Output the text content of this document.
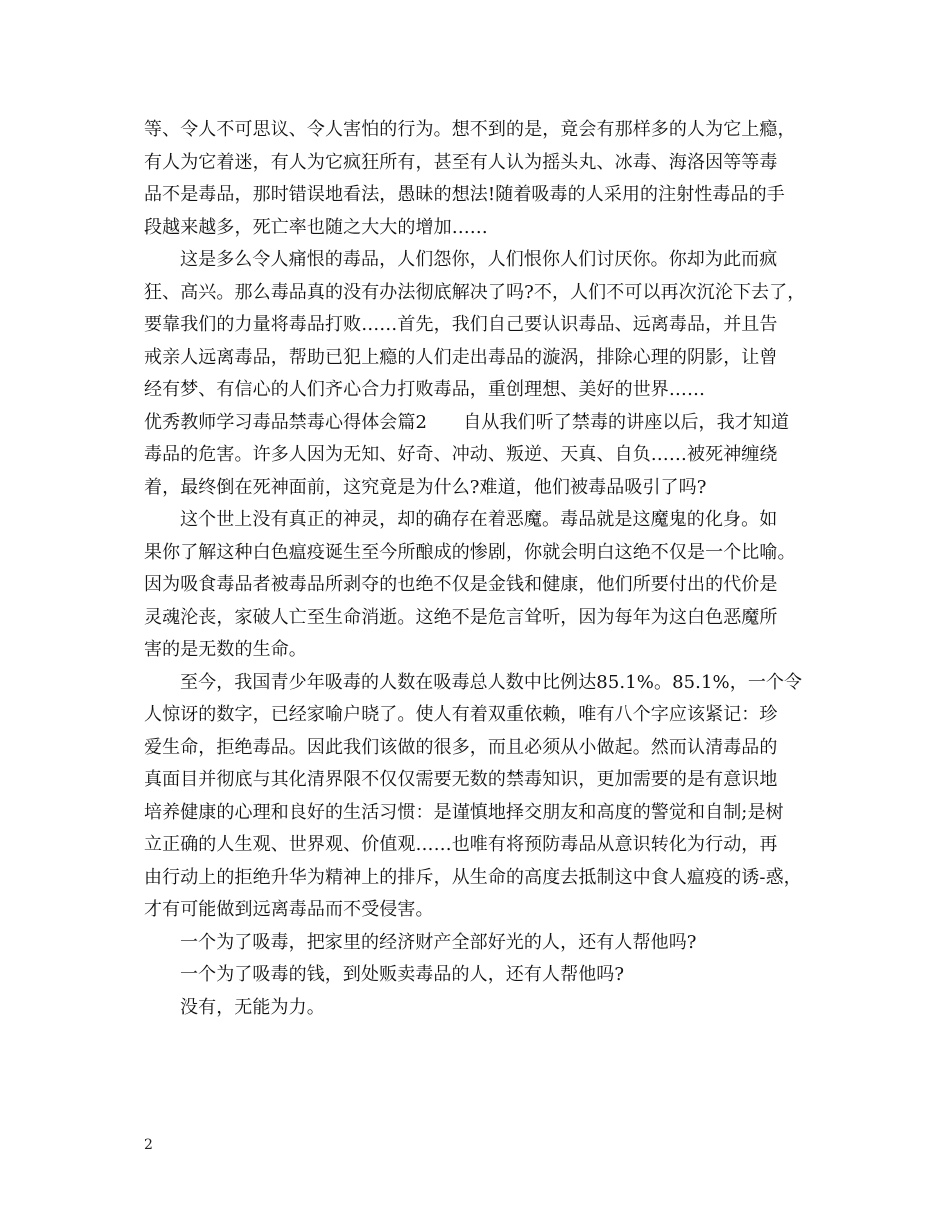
等、令人不可思议、令人害怕的行为。想不到的是，竟会有那样多的人为它上瘾，
有人为它着迷，有人为它疯狂所有，甚至有人认为摇头丸、冰毒、海洛因等等毒
品不是毒品，那时错误地看法，愚昧的想法!随着吸毒的人采用的注射性毒品的手
段越来越多，死亡率也随之大大的增加……
这是多么令人痛恨的毒品，人们怨你，人们恨你人们讨厌你。你却为此而疯
狂、高兴。那么毒品真的没有办法彻底解决了吗?不，人们不可以再次沉沦下去了，
要靠我们的力量将毒品打败……首先，我们自己要认识毒品、远离毒品，并且告
戒亲人远离毒品，帮助已犯上瘾的人们走出毒品的漩涡，排除心理的阴影，让曾
经有梦、有信心的人们齐心合力打败毒品，重创理想、美好的世界……
优秀教师学习毒品禁毒心得体会篇2　　自从我们听了禁毒的讲座以后，我才知道
毒品的危害。许多人因为无知、好奇、冲动、叛逆、天真、自负……被死神缠绕
着，最终倒在死神面前，这究竟是为什么?难道，他们被毒品吸引了吗?
这个世上没有真正的神灵，却的确存在着恶魔。毒品就是这魔鬼的化身。如
果你了解这种白色瘟疫诞生至今所酿成的惨剧，你就会明白这绝不仅是一个比喻。
因为吸食毒品者被毒品所剥夺的也绝不仅是金钱和健康，他们所要付出的代价是
灵魂沦丧，家破人亡至生命消逝。这绝不是危言耸听，因为每年为这白色恶魔所
害的是无数的生命。
至今，我国青少年吸毒的人数在吸毒总人数中比例达85.1%。85.1%，一个令
人惊讶的数字，已经家喻户晓了。使人有着双重依赖，唯有八个字应该紧记：珍
爱生命，拒绝毒品。因此我们该做的很多，而且必须从小做起。然而认清毒品的
真面目并彻底与其化清界限不仅仅需要无数的禁毒知识，更加需要的是有意识地
培养健康的心理和良好的生活习惯：是谨慎地择交朋友和高度的警觉和自制;是树
立正确的人生观、世界观、价值观……也唯有将预防毒品从意识转化为行动，再
由行动上的拒绝升华为精神上的排斥，从生命的高度去抵制这中食人瘟疫的诱-惑，
才有可能做到远离毒品而不受侵害。
一个为了吸毒，把家里的经济财产全部好光的人，还有人帮他吗?
一个为了吸毒的钱，到处贩卖毒品的人，还有人帮他吗?
没有，无能为力。
2
